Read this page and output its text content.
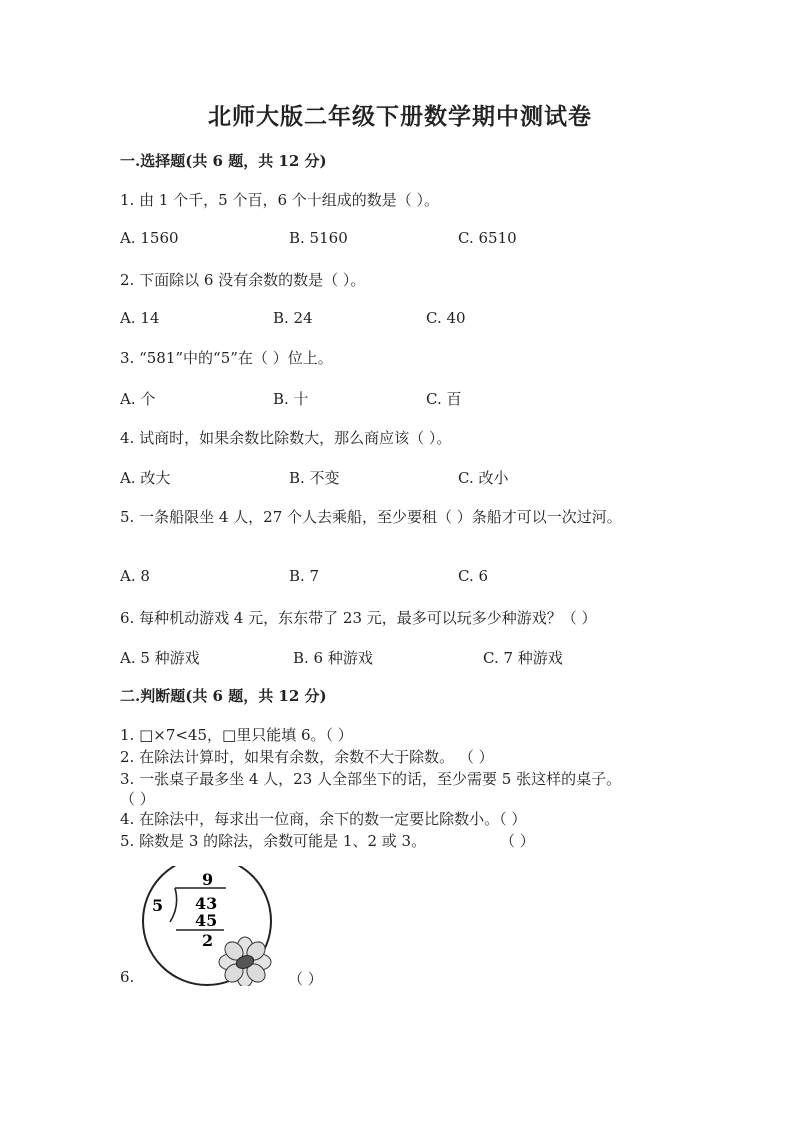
北师大版二年级下册数学期中测试卷
一.选择题(共 6 题，共 12 分)
1. 由 1 个千，5 个百，6 个十组成的数是（ ）。
A. 1560	B. 5160	C. 6510
2. 下面除以 6 没有余数的数是（ ）。
A. 14	B. 24	C. 40
3. “581”中的“5”在（ ）位上。
A. 个	B. 十	C. 百
4. 试商时，如果余数比除数大，那么商应该（ ）。
A. 改大	B. 不变	C. 改小
5. 一条船限坐 4 人，27 个人去乘船，至少要租（ ）条船才可以一次过河。
A. 8	B. 7	C. 6
6. 每种机动游戏 4 元，东东带了 23 元，最多可以玩多少种游戏？（ ）
A. 5 种游戏	B. 6 种游戏	C. 7 种游戏
二.判断题(共 6 题，共 12 分)
1. □×7<45，□里只能填 6。（ ）
2. 在除法计算时，如果有余数，余数不大于除数。 （ ）
3. 一张桌子最多坐 4 人，23 人全部坐下的话，至少需要 5 张这样的桌子。
（ ）
4. 在除法中，每求出一位商，余下的数一定要比除数小。（ ）
5. 除数是 3 的除法，余数可能是 1、2 或 3。	（ ）
9
5 43
45
2
6.	（ ）
